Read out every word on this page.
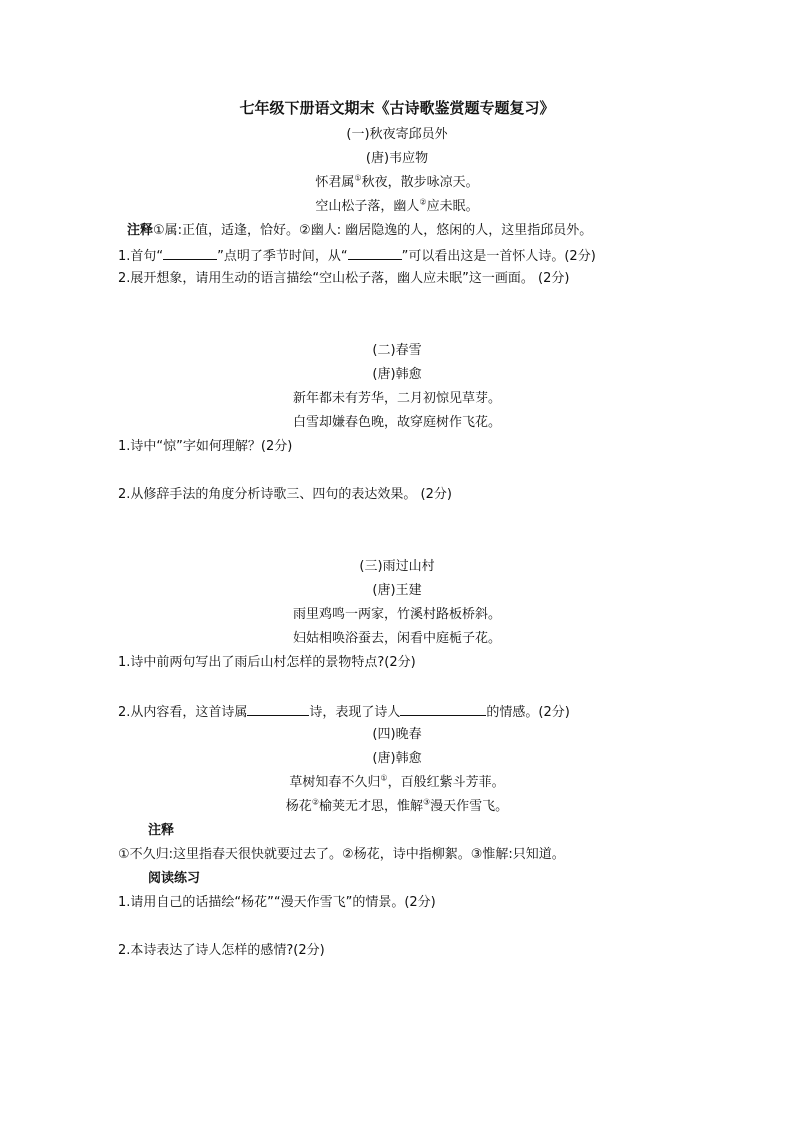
七年级下册语文期末《古诗歌鉴赏题专题复习》
(一)秋夜寄邱员外
(唐)韦应物
怀君属①秋夜，散步咏凉天。
空山松子落，幽人②应未眠。
注释①属:正值，适逢，恰好。②幽人: 幽居隐逸的人，悠闲的人，这里指邱员外。
1.首句“	”点明了季节时间，从“	”可以看出这是一首怀人诗。(2分)
2.展开想象，请用生动的语言描绘“空山松子落，幽人应未眠”这一画面。 (2分)
(二)春雪
(唐)韩愈
新年都未有芳华，二月初惊见草芽。
白雪却嫌春色晚，故穿庭树作飞花。
1.诗中“惊”字如何理解？(2分)
2.从修辞手法的角度分析诗歌三、四句的表达效果。 (2分)
(三)雨过山村
(唐)王建
雨里鸡鸣一两家，竹溪村路板桥斜。
妇姑相唤浴蚕去，闲看中庭栀子花。
1.诗中前两句写出了雨后山村怎样的景物特点?(2分)
2.从内容看，这首诗属	诗，表现了诗人	的情感。(2分)
(四)晚春
(唐)韩愈
草树知春不久归①，百般红紫斗芳菲。
杨花②榆荚无才思，惟解③漫天作雪飞。
注释
①不久归:这里指春天很快就要过去了。②杨花，诗中指柳絮。③惟解:只知道。
阅读练习
1.请用自己的话描绘“杨花”“漫天作雪飞”的情景。(2分)
2.本诗表达了诗人怎样的感情?(2分)
